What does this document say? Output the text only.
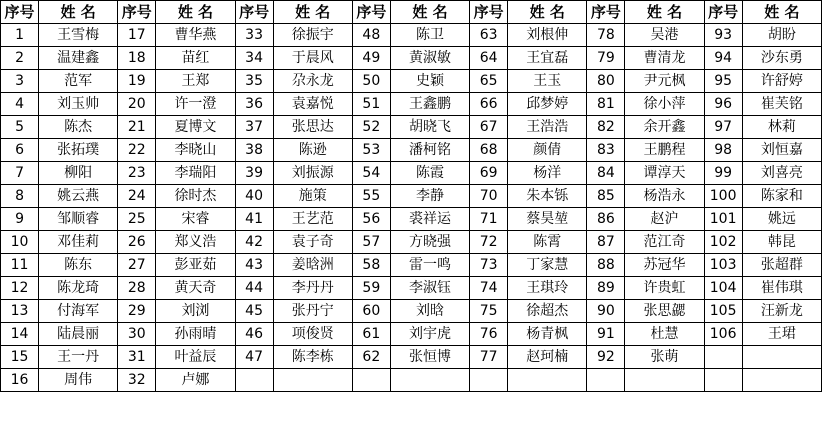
序号	姓 名	序号	姓 名	序号	姓 名	序号	姓 名	序号	姓 名	序号	姓 名	序号	姓 名
1	王雪梅	17	曹华燕	33	徐振宇	48	陈卫	63	刘根伸	78	吴港	93	胡盼
2	温建鑫	18	苗红	34	于晨风	49	黄淑敏	64	王宜磊	79	曹清龙	94	沙东勇
3	范军	19	王郑	35	尕永龙	50	史颖	65	王玉	80	尹元枫	95	许舒婷
4	刘玉帅	20	许一澄	36	袁嘉悦	51	王鑫鹏	66	邱梦婷	81	徐小萍	96	崔芙铭
5	陈杰	21	夏博文	37	张思达	52	胡晓飞	67	王浩浩	82	余开鑫	97	林莉
6	张拓璞	22	李晓山	38	陈逊	53	潘柯铭	68	颜倩	83	王鹏程	98	刘恒嘉
7	柳阳	23	李瑞阳	39	刘振源	54	陈霞	69	杨洋	84	谭淳天	99	刘喜亮
8	姚云燕	24	徐时杰	40	施策	55	李静	70	朱本铄	85	杨浩永	100	陈家和
9	邹顺睿	25	宋睿	41	王艺范	56	裘祥运	71	蔡昊堃	86	赵沪	101	姚远
10	邓佳莉	26	郑义浩	42	袁子奇	57	方晓强	72	陈霄	87	范江奇	102	韩昆
11	陈东	27	彭亚茹	43	姜晗洲	58	雷一鸣	73	丁家慧	88	苏冠华	103	张超群
12	陈龙琦	28	黄天奇	44	李丹丹	59	李淑钰	74	王琪玲	89	许贵虹	104	崔伟琪
13	付海军	29	刘浏	45	张丹宁	60	刘晗	75	徐超杰	90	张思勰	105	汪新龙
14	陆晨丽	30	孙雨晴	46	项俊贤	61	刘宇虎	76	杨青枫	91	杜慧	106	王珺
15	王一丹	31	叶益辰	47	陈李栋	62	张恒博	77	赵珂楠	92	张萌		
16	周伟	32	卢娜										
